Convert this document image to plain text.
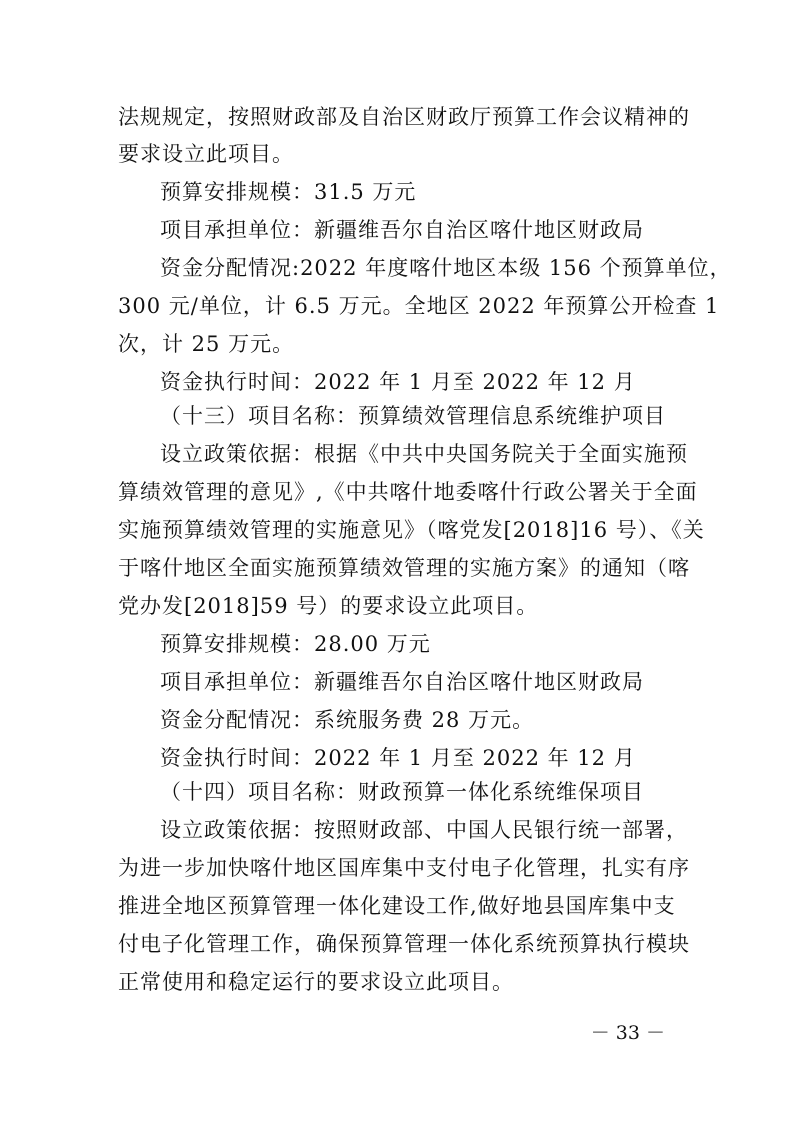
法规规定，按照财政部及自治区财政厅预算工作会议精神的
要求设立此项目。
预算安排规模：31.5 万元
项目承担单位：新疆维吾尔自治区喀什地区财政局
资金分配情况:2022 年度喀什地区本级 156 个预算单位，
300 元/单位，计 6.5 万元。全地区 2022 年预算公开检查 1
次，计 25 万元。
资金执行时间：2022 年 1 月至 2022 年 12 月
（十三）项目名称：预算绩效管理信息系统维护项目
设立政策依据：根据《中共中央国务院关于全面实施预
算绩效管理的意见》,《中共喀什地委喀什行政公署关于全面
实施预算绩效管理的实施意见》（喀党发[2018]16 号）、《关
于喀什地区全面实施预算绩效管理的实施方案》的通知（喀
党办发[2018]59 号）的要求设立此项目。
预算安排规模：28.00 万元
项目承担单位：新疆维吾尔自治区喀什地区财政局
资金分配情况：系统服务费 28 万元。
资金执行时间：2022 年 1 月至 2022 年 12 月
（十四）项目名称：财政预算一体化系统维保项目
设立政策依据：按照财政部、中国人民银行统一部署，
为进一步加快喀什地区国库集中支付电子化管理，扎实有序
推进全地区预算管理一体化建设工作,做好地县国库集中支
付电子化管理工作，确保预算管理一体化系统预算执行模块
正常使用和稳定运行的要求设立此项目。
－ 33 －
